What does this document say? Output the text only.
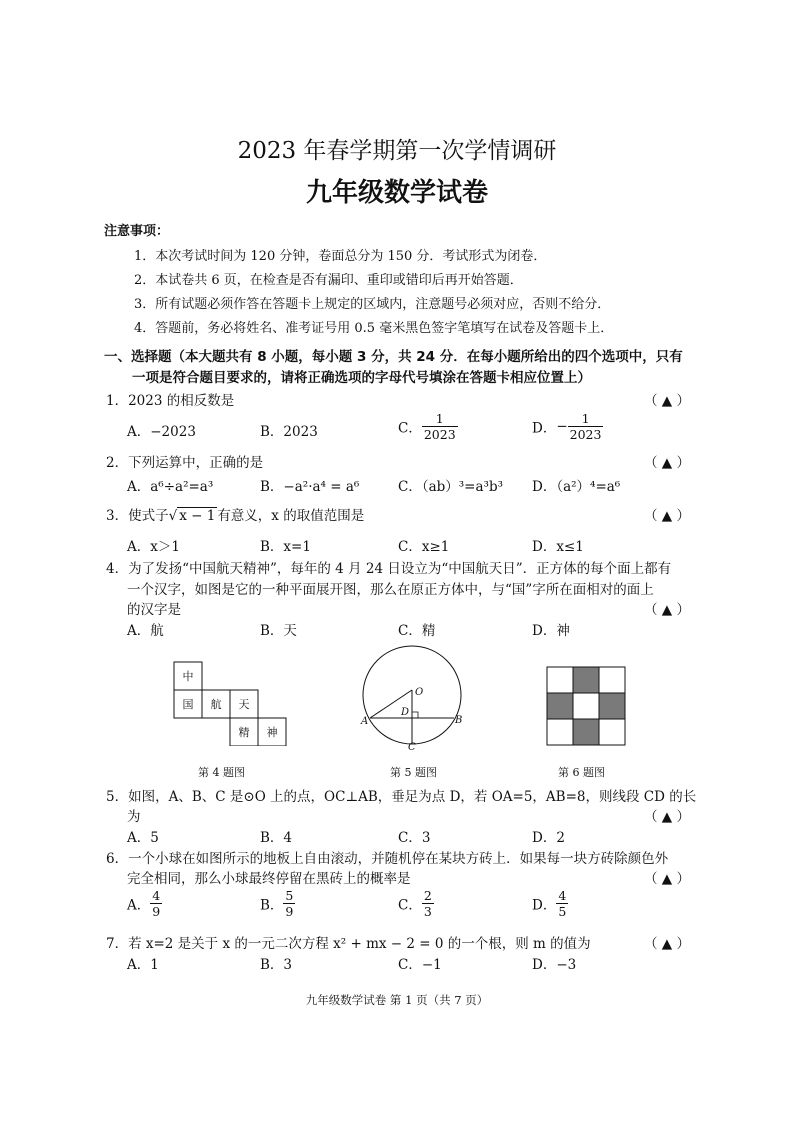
2023 年春学期第一次学情调研
九年级数学试卷
注意事项：
1．本次考试时间为 120 分钟，卷面总分为 150 分．考试形式为闭卷．
2．本试卷共 6 页，在检查是否有漏印、重印或错印后再开始答题．
3．所有试题必须作答在答题卡上规定的区域内，注意题号必须对应，否则不给分．
4．答题前，务必将姓名、准考证号用 0.5 毫米黑色签字笔填写在试卷及答题卡上．
一、选择题（本大题共有 8 小题，每小题 3 分，共 24 分．在每小题所给出的四个选项中，只有
一项是符合题目要求的，请将正确选项的字母代号填涂在答题卡相应位置上）
1．2023 的相反数是	（ ▲ ）
A．−2023	B．2023	C． $\frac{1}{2023}$	D．− $\frac{1}{2023}$
2．下列运算中，正确的是	（ ▲ ）
A．a⁶÷a²=a³	B．−a²·a⁴ = a⁶	C．（ab）³=a³b³ D．（a²）⁴=a⁶
3．使式子√ x − 1 有意义，x 的取值范围是	（ ▲ ）
A．x＞1	B．x=1	C．x≥1	D．x≤1
4．为了发扬“中国航天精神”，每年的 4 月 24 日设立为“中国航天日”．正方体的每个面上都有
一个汉字，如图是它的一种平面展开图，那么在原正方体中，与“国”字所在面相对的面上
的汉字是	（ ▲ ）
A．航	B．天	C．精	D．神
中
国 航 天
精 神
O
A	B
C
D
第 4 题图	第 5 题图	第 6 题图
5．如图，A、B、C 是⊙O 上的点，OC⊥AB，垂足为点 D，若 OA=5，AB=8，则线段 CD 的长
为	（ ▲ ）
A．5	B．4	C．3	D．2
6．一个小球在如图所示的地板上自由滚动，并随机停在某块方砖上．如果每一块方砖除颜色外
完全相同，那么小球最终停留在黑砖上的概率是	（ ▲ ）
A． $\frac{4}{9}$	B． $\frac{5}{9}$	C． $\frac{2}{3}$	D． $\frac{4}{5}$
7．若 x=2 是关于 x 的一元二次方程 x² + mx − 2 = 0 的一个根，则 m 的值为	（ ▲ ）
A．1	B．3	C．−1	D．−3
九年级数学试卷 第 1 页（共 7 页）
